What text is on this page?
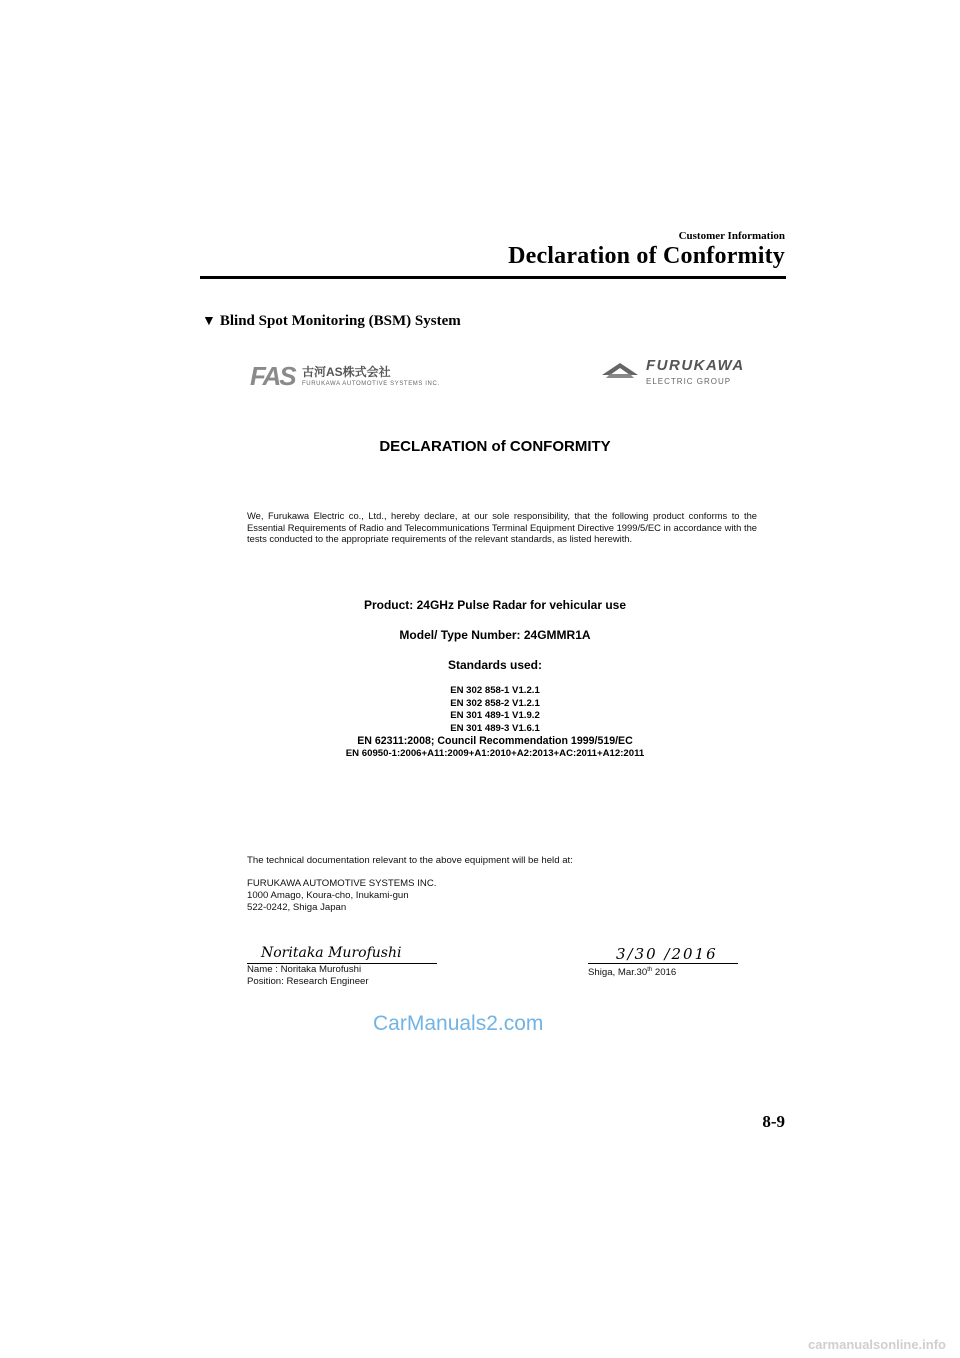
Customer Information
Declaration of Conformity
▼ Blind Spot Monitoring (BSM) System
FAS 古河AS株式会社
FURUKAWA AUTOMOTIVE SYSTEMS INC.
FURUKAWA
ELECTRIC GROUP
DECLARATION of CONFORMITY
We, Furukawa Electric co., Ltd., hereby declare, at our sole responsibility, that the following product conforms to the Essential Requirements of Radio and Telecommunications Terminal Equipment Directive 1999/5/EC in accordance with the tests conducted to the appropriate requirements of the relevant standards, as listed herewith.
Product: 24GHz Pulse Radar for vehicular use
Model/ Type Number: 24GMMR1A
Standards used:
EN 302 858-1 V1.2.1
EN 302 858-2 V1.2.1
EN 301 489-1 V1.9.2
EN 301 489-3 V1.6.1
EN 62311:2008; Council Recommendation 1999/519/EC
EN 60950-1:2006+A11:2009+A1:2010+A2:2013+AC:2011+A12:2011
The technical documentation relevant to the above equipment will be held at:
FURUKAWA AUTOMOTIVE SYSTEMS INC.
1000 Amago, Koura-cho, Inukami-gun
522-0242, Shiga Japan
Noritaka Murofushi
Name : Noritaka Murofushi
Position: Research Engineer
3/30 /2016
Shiga, Mar.30th 2016
CarManuals2.com
8-9
carmanualsonline.info
